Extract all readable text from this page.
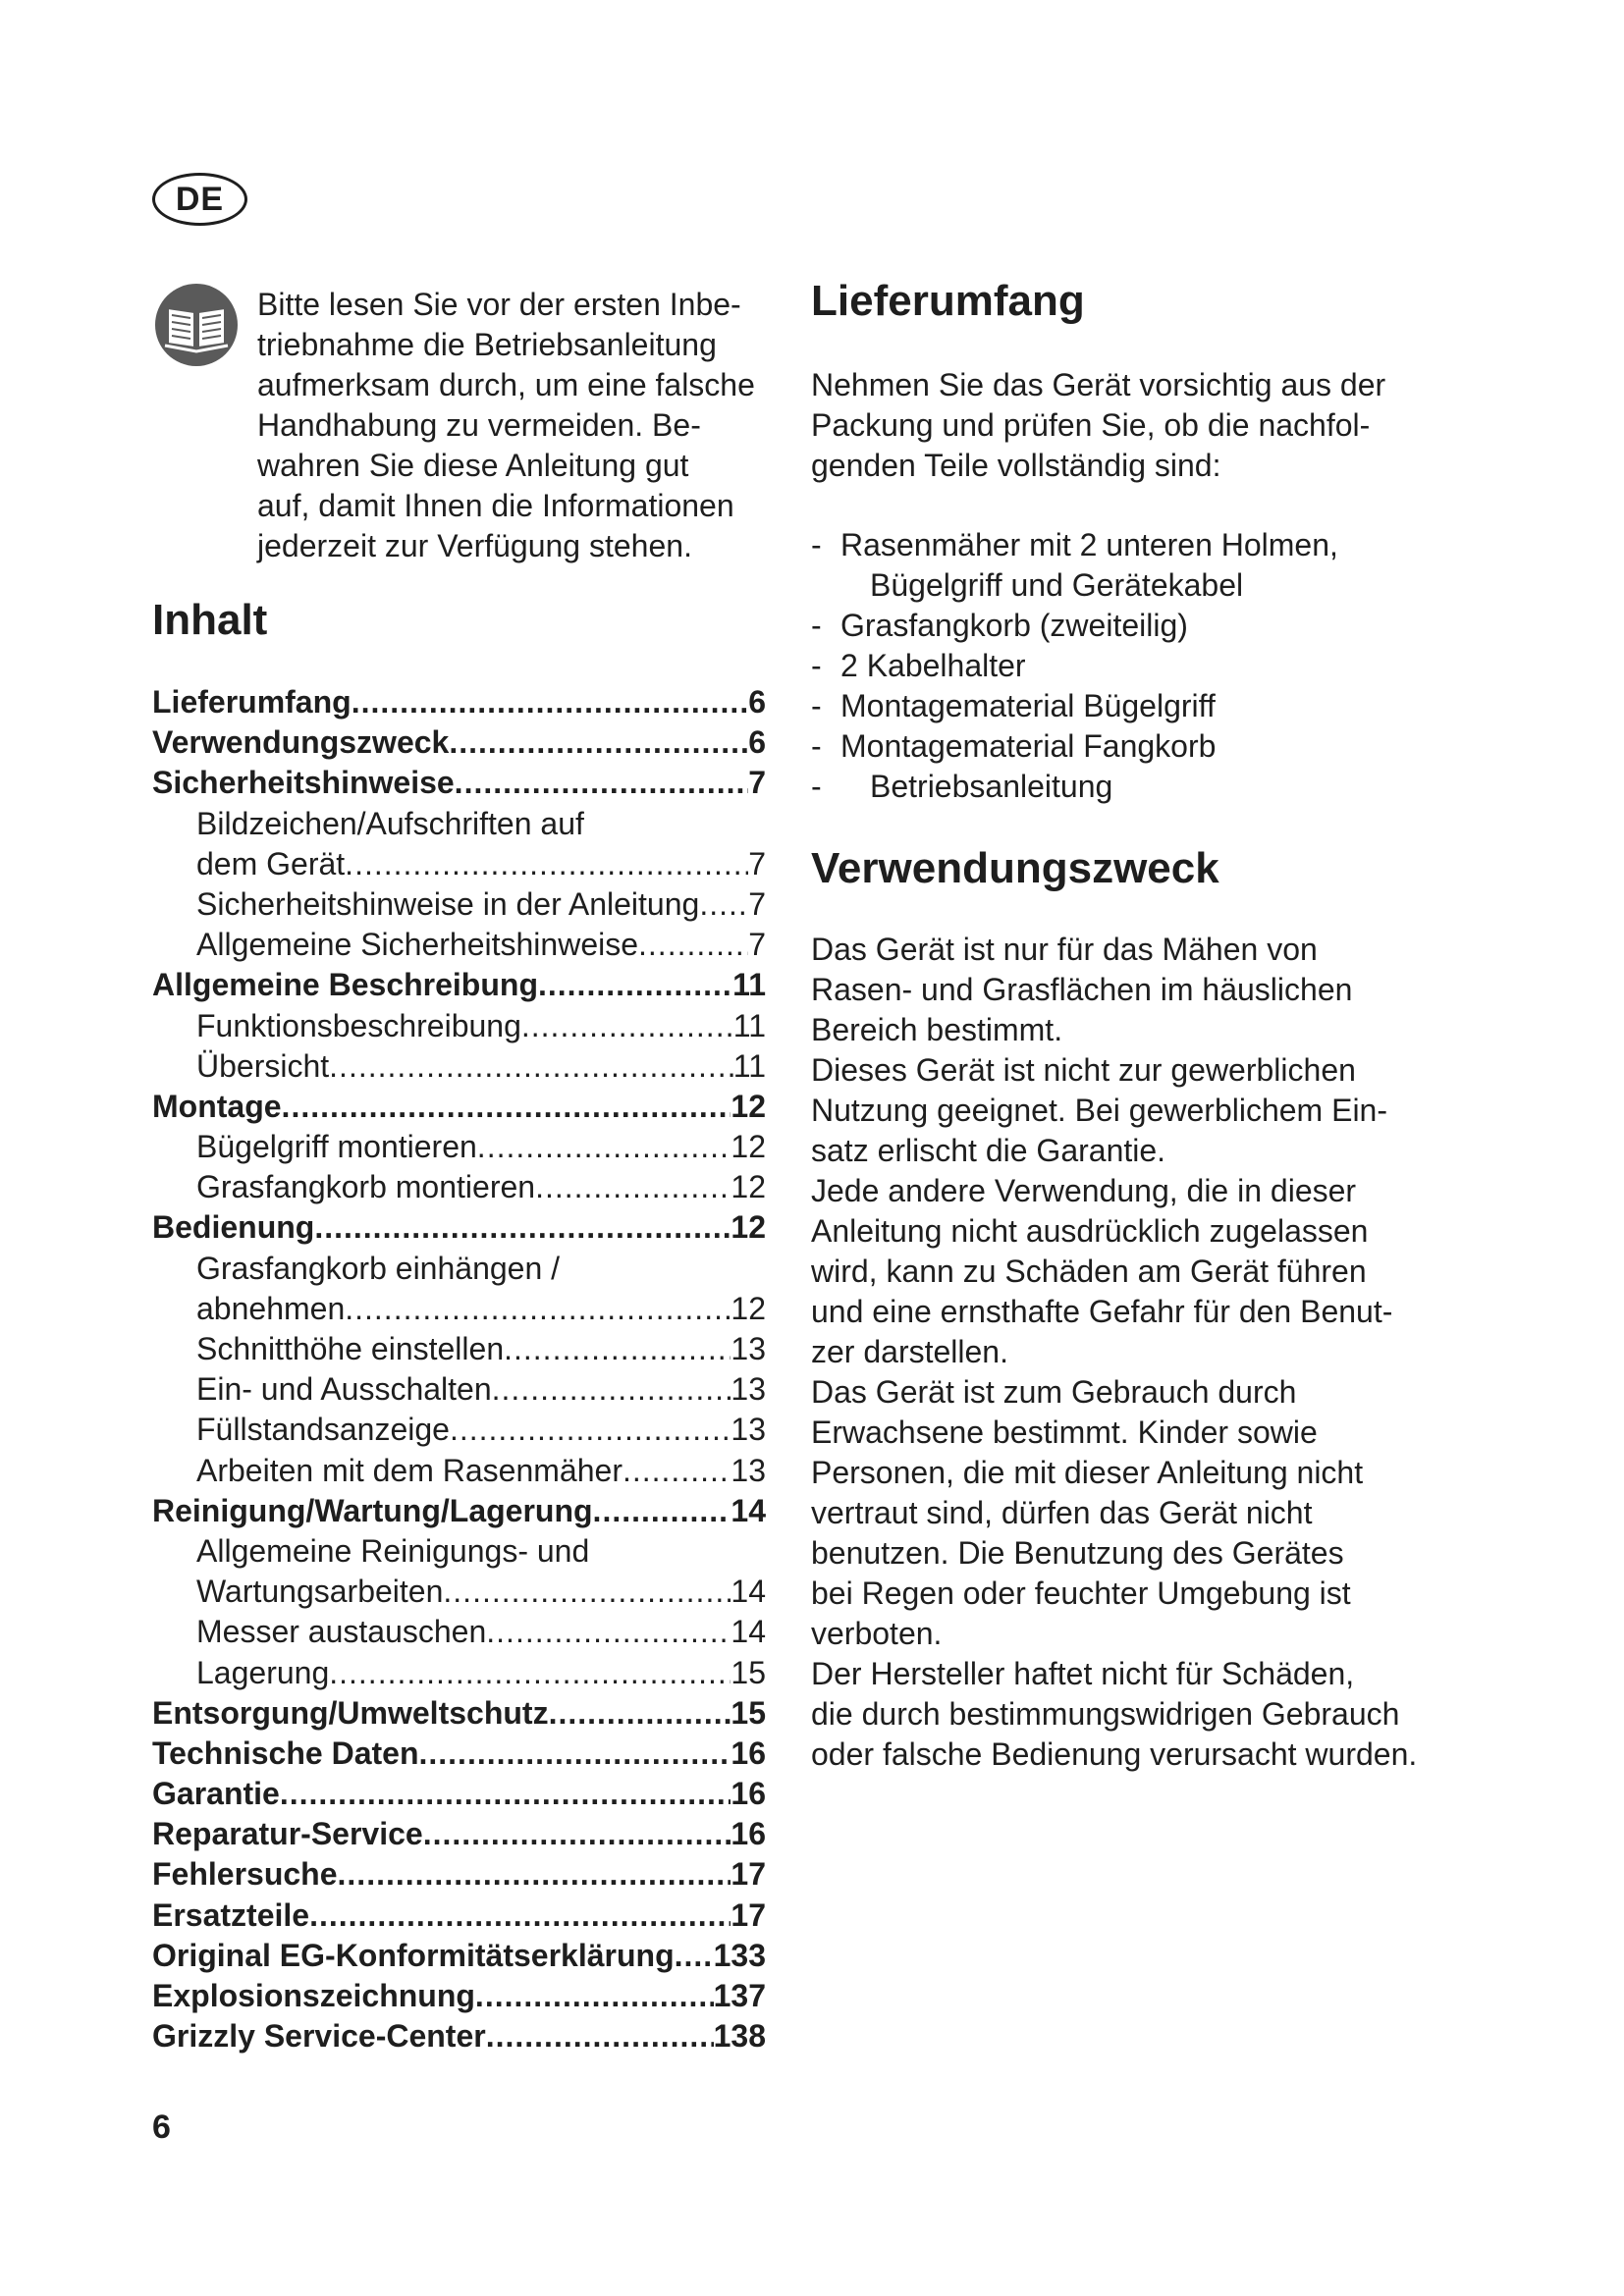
DE

Bitte lesen Sie vor der ersten Inbe-
triebnahme die Betriebsanleitung
aufmerksam durch, um eine falsche
Handhabung zu vermeiden. Be-
wahren Sie diese Anleitung gut
auf, damit Ihnen die Informationen
jederzeit zur Verfügung stehen.

Inhalt
Lieferumfang .....	6
Verwendungszweck .....	6
Sicherheitshinweise .....	7
Bildzeichen/Aufschriften auf
dem Gerät .....	7
Sicherheitshinweise in der Anleitung ..... 7
Allgemeine Sicherheitshinweise .....	7
Allgemeine Beschreibung .....	11
Funktionsbeschreibung .....	11
Übersicht .....	11
Montage .....	12
Bügelgriff montieren .....	12
Grasfangkorb montieren .....	12
Bedienung .....	12
Grasfangkorb einhängen /
abnehmen .....	12
Schnitthöhe einstellen .....	13
Ein- und Ausschalten .....	13
Füllstandsanzeige .....	13
Arbeiten mit dem Rasenmäher .....	13
Reinigung/Wartung/Lagerung .....	14
Allgemeine Reinigungs- und
Wartungsarbeiten .....	14
Messer austauschen .....	14
Lagerung .....	15
Entsorgung/Umweltschutz .....	15
Technische Daten .....	16
Garantie .....	16
Reparatur-Service .....	16
Fehlersuche .....	17
Ersatzteile .....	17
Original EG-Konformitätserklärung ..... 133
Explosionszeichnung .....	137
Grizzly Service-Center .....	138
Lieferumfang
Nehmen Sie das Gerät vorsichtig aus der
Packung und prüfen Sie, ob die nachfol-
genden Teile vollständig sind:
- Rasenmäher mit 2 unteren Holmen,
Bügelgriff und Gerätekabel
- Grasfangkorb (zweiteilig)
- 2 Kabelhalter
- Montagematerial Bügelgriff
- Montagematerial Fangkorb
-	Betriebsanleitung
Verwendungszweck
Das Gerät ist nur für das Mähen von
Rasen- und Grasflächen im häuslichen
Bereich bestimmt.
Dieses Gerät ist nicht zur gewerblichen
Nutzung geeignet. Bei gewerblichem Ein-
satz erlischt die Garantie.
Jede andere Verwendung, die in dieser
Anleitung nicht ausdrücklich zugelassen
wird, kann zu Schäden am Gerät führen
und eine ernsthafte Gefahr für den Benut-
zer darstellen.
Das Gerät ist zum Gebrauch durch
Erwachsene bestimmt. Kinder sowie
Personen, die mit dieser Anleitung nicht
vertraut sind, dürfen das Gerät nicht
benutzen. Die Benutzung des Gerätes
bei Regen oder feuchter Umgebung ist
verboten.
Der Hersteller haftet nicht für Schäden,
die durch bestimmungswidrigen Gebrauch
oder falsche Bedienung verursacht wurden.
6
